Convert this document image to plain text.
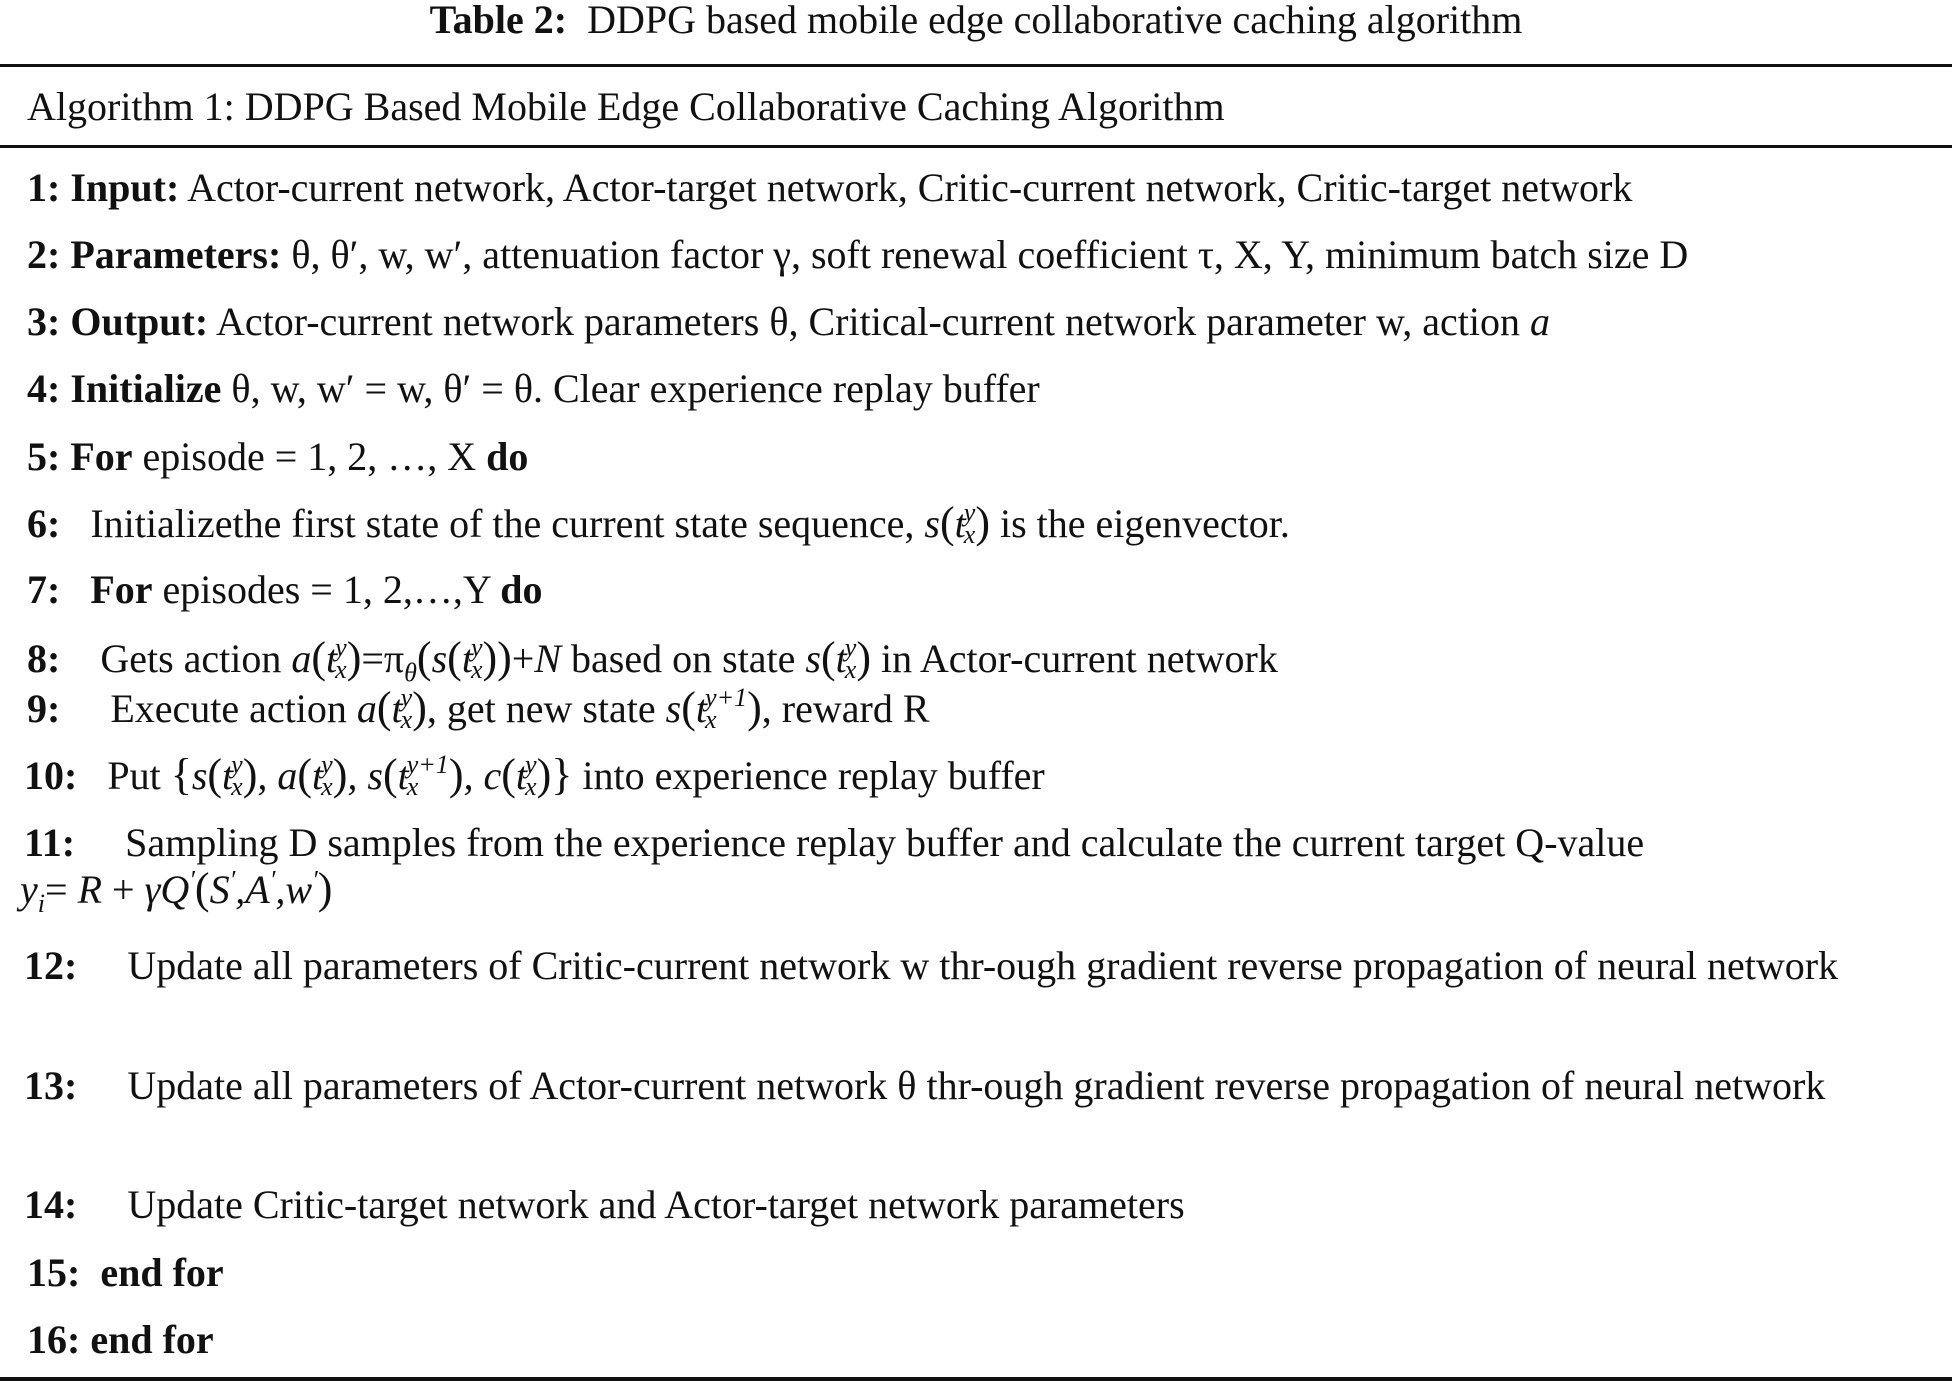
Table 2: DDPG based mobile edge collaborative caching algorithm
Algorithm 1: DDPG Based Mobile Edge Collaborative Caching Algorithm
1: Input: Actor-current network, Actor-target network, Critic-current network, Critic-target network
2: Parameters: θ, θ′, w, w′, attenuation factor γ, soft renewal coefficient τ, X, Y, minimum batch size D
3: Output: Actor-current network parameters θ, Critical-current network parameter w, action a
4: Initialize θ, w, w′ = w, θ′ = θ. Clear experience replay buffer
5: For episode = 1, 2, …, X do
6: Initializethe first state of the current state sequence, s(t
y
x ) is the eigenvector.
7: For episodes = 1, 2,…,Y do
8: Gets action a(t
y
x )$=\pi_\theta(s(t$
y
x ))+N based on state s(t
y
x ) in Actor-current network
9: Execute action a(t
y
x ), get new state s(t
y+1
x ), reward R
10: Put {s(t
y
x ), a(t
y
x ), s(t
y+1
x ), c(t
y
x )} into experience replay buffer
11: Sampling D samples from the experience replay buffer and calculate the current target Q-value
$y_i= R + \gamma Q'(S',A',w')$
12: Update all parameters of Critic-current network w thr-ough gradient reverse propagation of neural network
13: Update all parameters of Actor-current network θ thr-ough gradient reverse propagation of neural network
14: Update Critic-target network and Actor-target network parameters
15: end for
16: end for
